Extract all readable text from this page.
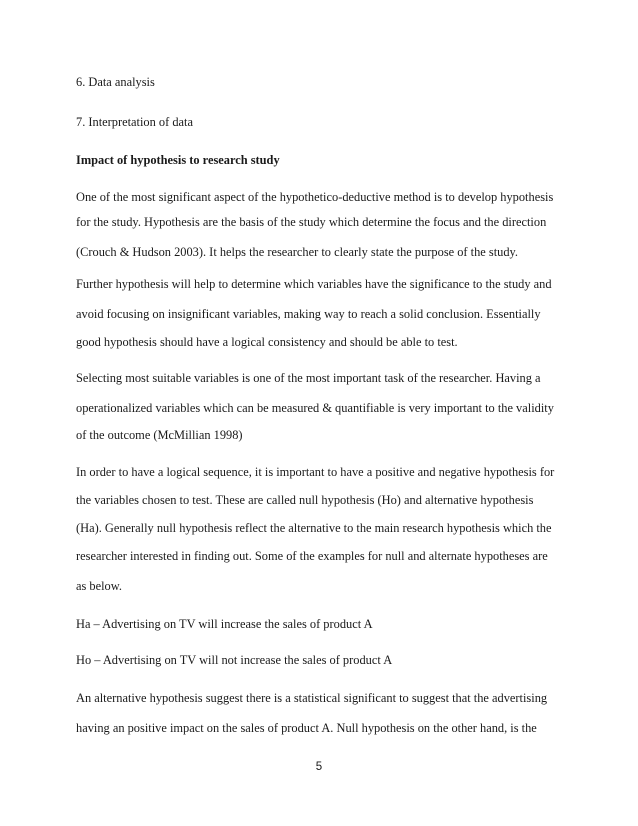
6. Data analysis
7. Interpretation of data
Impact of hypothesis to research study
One of the most significant aspect of the hypothetico-deductive method is to develop hypothesis
for the study. Hypothesis are the basis of the study which determine the focus and the direction
(Crouch & Hudson 2003). It helps the researcher to clearly state the purpose of the study.
Further hypothesis will help to determine which variables have the significance to the study and
avoid focusing on insignificant variables, making way to reach a solid conclusion. Essentially
good hypothesis should have a logical consistency and should be able to test.
Selecting most suitable variables is one of the most important task of the researcher. Having a
operationalized variables which can be measured & quantifiable is very important to the validity
of the outcome (McMillian 1998)
In order to have a logical sequence, it is important to have a positive and negative hypothesis for
the variables chosen to test. These are called null hypothesis (Ho) and alternative hypothesis
(Ha). Generally null hypothesis reflect the alternative to the main research hypothesis which the
researcher interested in finding out. Some of the examples for null and alternate hypotheses are
as below.
Ha – Advertising on TV will increase the sales of product A
Ho – Advertising on TV will not increase the sales of product A
An alternative hypothesis suggest there is a statistical significant to suggest that the advertising
having an positive impact on the sales of product A. Null hypothesis on the other hand, is the
5
